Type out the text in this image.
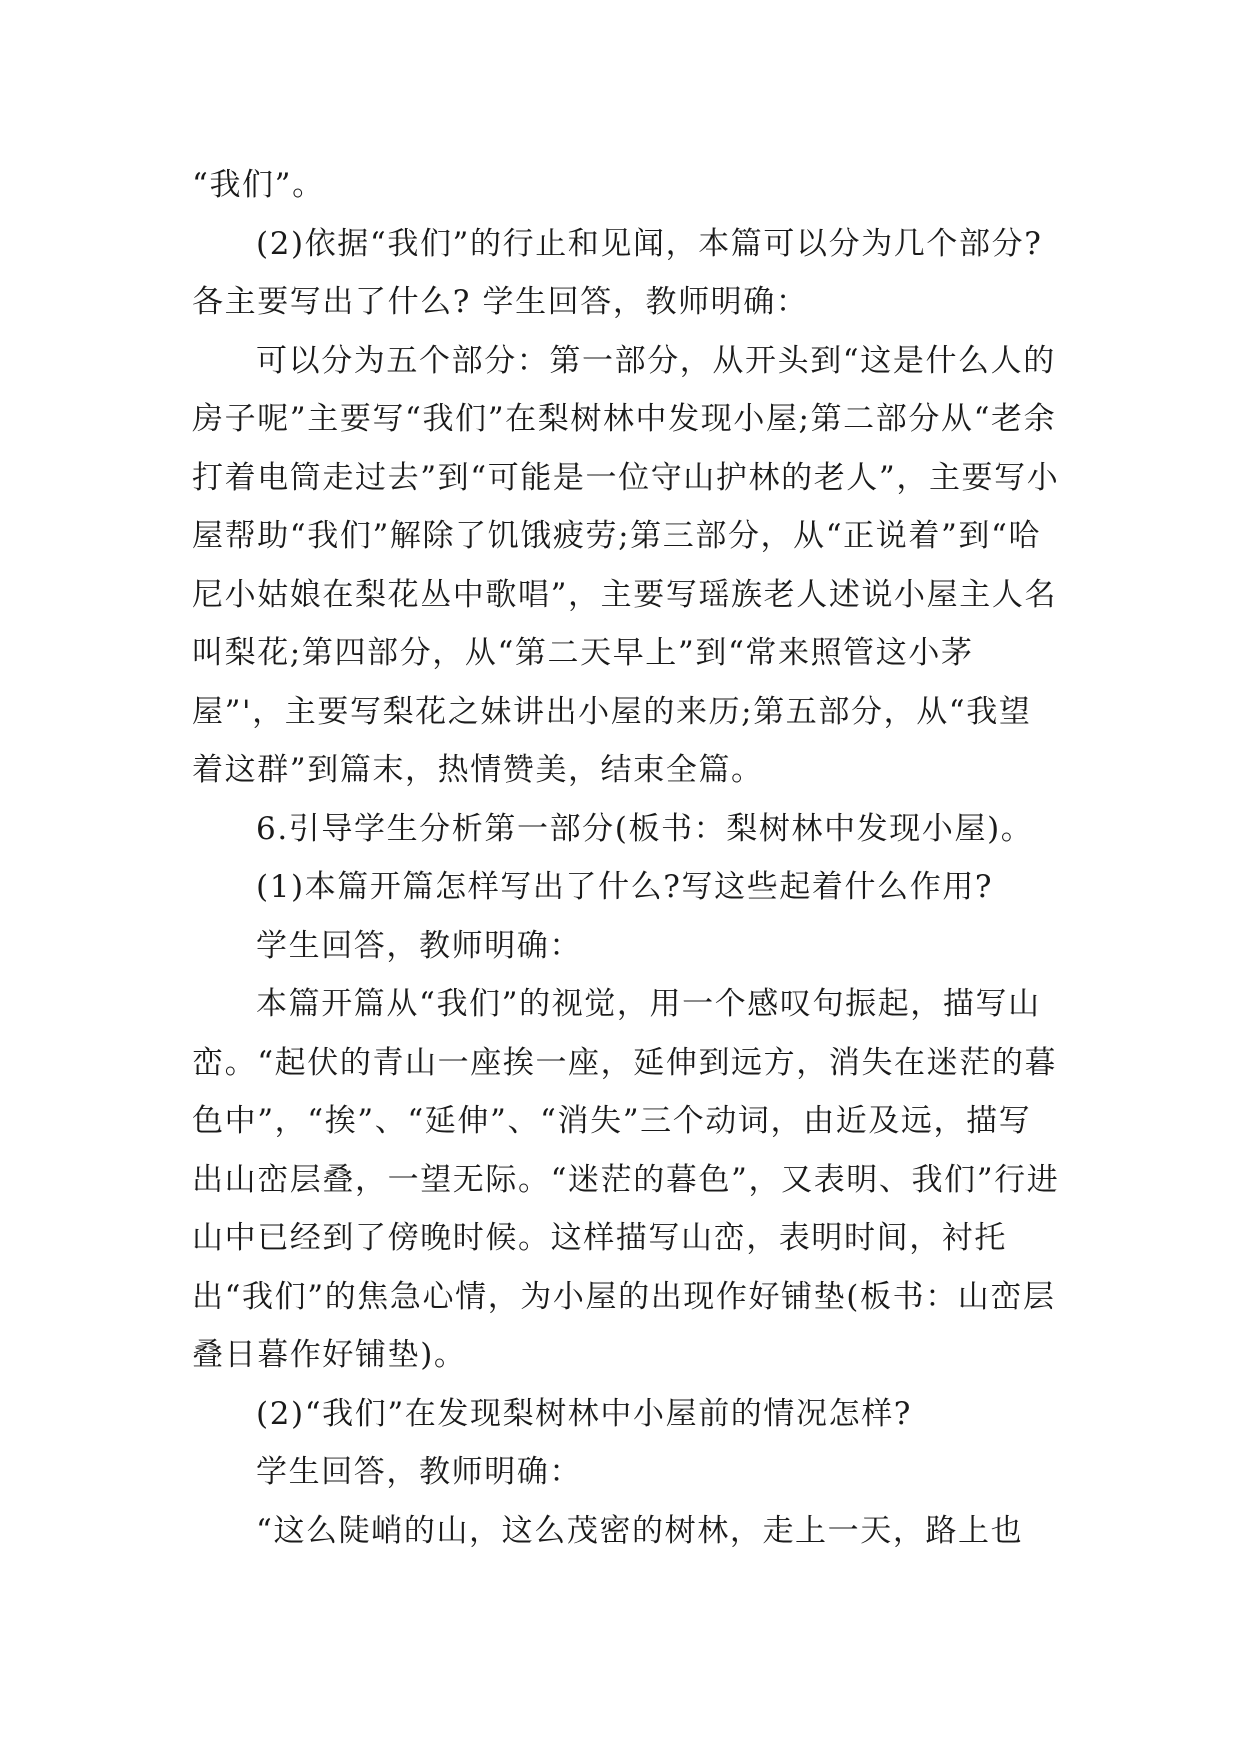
“我们”。

(2)依据“我们”的行止和见闻，本篇可以分为几个部分?各主要写出了什么? 学生回答，教师明确：

可以分为五个部分：第一部分，从开头到“这是什么人的房子呢”主要写“我们”在梨树林中发现小屋;第二部分从“老余打着电筒走过去”到“可能是一位守山护林的老人”，主要写小屋帮助“我们”解除了饥饿疲劳;第三部分，从“正说着”到“哈尼小姑娘在梨花丛中歌唱”，主要写瑶族老人述说小屋主人名叫梨花;第四部分，从“第二天早上”到“常来照管这小茅屋”'，主要写梨花之妹讲出小屋的来历;第五部分，从“我望着这群”到篇末，热情赞美，结束全篇。

6.引导学生分析第一部分(板书：梨树林中发现小屋)。

(1)本篇开篇怎样写出了什么?写这些起着什么作用?

学生回答，教师明确：

本篇开篇从“我们”的视觉，用一个感叹句振起，描写山峦。“起伏的青山一座挨一座，延伸到远方，消失在迷茫的暮色中”，“挨”、“延伸”、“消失”三个动词，由近及远，描写出山峦层叠，一望无际。“迷茫的暮色”，又表明、我们”行进山中已经到了傍晚时候。这样描写山峦，表明时间，衬托出“我们”的焦急心情，为小屋的出现作好铺垫(板书：山峦层叠日暮作好铺垫)。

(2)“我们”在发现梨树林中小屋前的情况怎样?

学生回答，教师明确：

“这么陡峭的山，这么茂密的树林，走上一天，路上也
